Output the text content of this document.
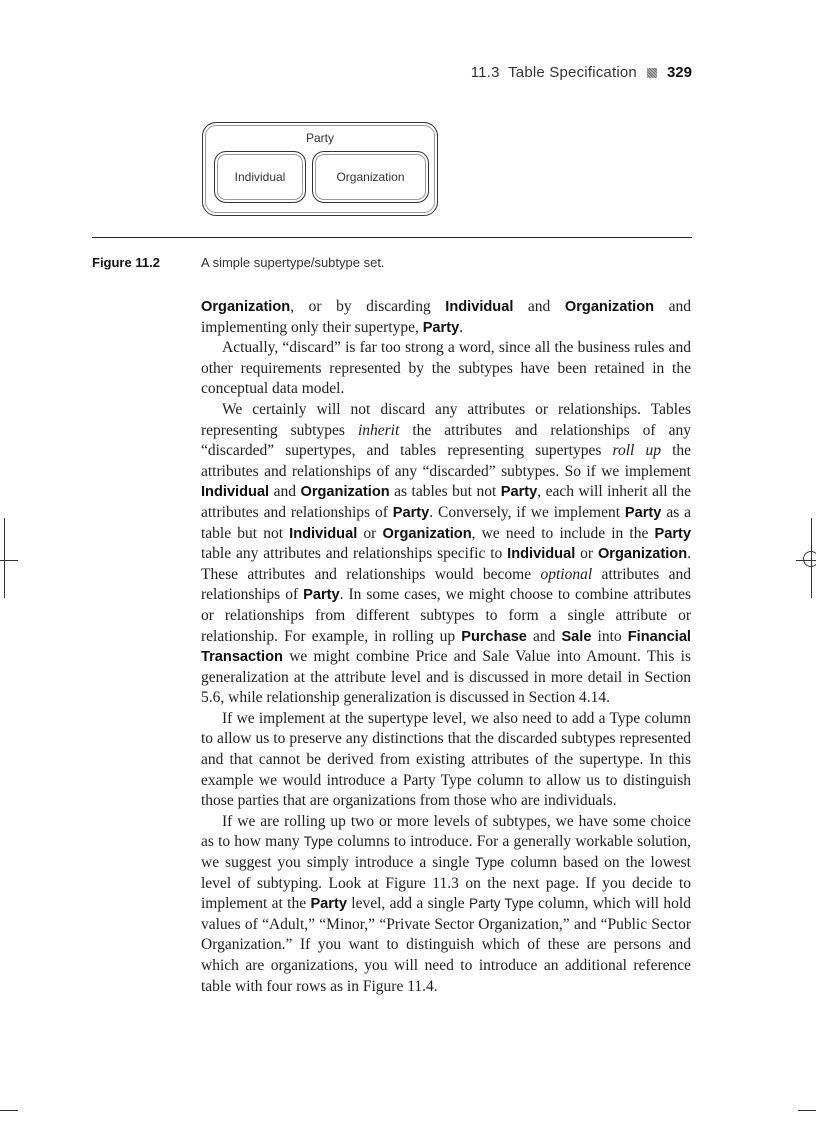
11.3  Table Specification 329
Party
Individual	Organization
Figure 11.2	A simple supertype/subtype set.

Organization, or by discarding Individual and Organization and implementing only their supertype, Party.

Actually, “discard” is far too strong a word, since all the business rules and other requirements represented by the subtypes have been retained in the conceptual data model.

We certainly will not discard any attributes or relationships. Tables representing subtypes inherit the attributes and relationships of any “discarded” supertypes, and tables representing supertypes roll up the attributes and relationships of any “discarded” subtypes. So if we implement Individual and Organization as tables but not Party, each will inherit all the attributes and relationships of Party. Conversely, if we implement Party as a table but not Individual or Organization, we need to include in the Party table any attributes and relationships specific to Individual or Organization. These attributes and relationships would become optional attributes and relationships of Party. In some cases, we might choose to combine attributes or relationships from different subtypes to form a single attribute or relationship. For example, in rolling up Purchase and Sale into Financial Transaction we might combine Price and Sale Value into Amount. This is generalization at the attribute level and is discussed in more detail in Section 5.6, while relationship generalization is discussed in Section 4.14.

If we implement at the supertype level, we also need to add a Type column to allow us to preserve any distinctions that the discarded subtypes represented and that cannot be derived from existing attributes of the supertype. In this example we would introduce a Party Type column to allow us to distinguish those parties that are organizations from those who are individuals.

If we are rolling up two or more levels of subtypes, we have some choice as to how many Type columns to introduce. For a generally workable solution, we suggest you simply introduce a single Type column based on the lowest level of subtyping. Look at Figure 11.3 on the next page. If you decide to implement at the Party level, add a single Party Type column, which will hold values of “Adult,” “Minor,” “Private Sector Organization,” and “Public Sector Organization.” If you want to distinguish which of these are persons and which are organizations, you will need to introduce an additional reference table with four rows as in Figure 11.4.
